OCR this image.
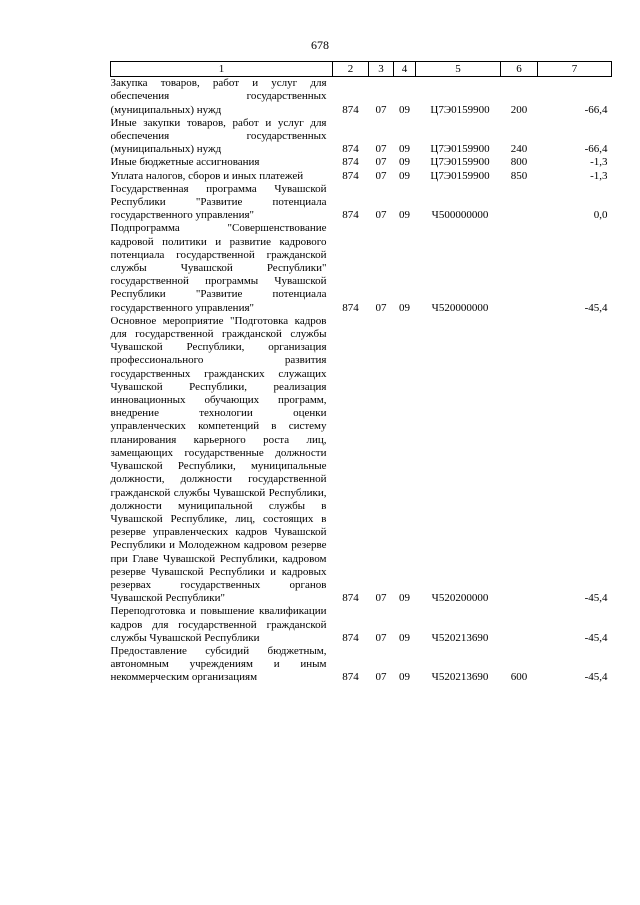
678
1	2	3	4	5	6	7
Закупка товаров, работ и услуг для обеспечения государственных (муниципальных) нужд	874	07	09	Ц7Э0159900	200	-66,4
Иные закупки товаров, работ и услуг для обеспечения государственных (муниципальных) нужд	874	07	09	Ц7Э0159900	240	-66,4
Иные бюджетные ассигнования	874	07	09	Ц7Э0159900	800	-1,3
Уплата налогов, сборов и иных платежей	874	07	09	Ц7Э0159900	850	-1,3
Государственная программа Чувашской Республики "Развитие потенциала государственного управления"	874	07	09	Ч500000000		0,0
Подпрограмма "Совершенствование кадровой политики и развитие кадрового потенциала государственной гражданской службы Чувашской Республики" государственной программы Чувашской Республики "Развитие потенциала государственного управления"	874	07	09	Ч520000000		-45,4
Основное мероприятие "Подготовка кадров для государственной гражданской службы Чувашской Республики, организация профессионального развития государственных гражданских служащих Чувашской Республики, реализация инновационных обучающих программ, внедрение технологии оценки управленческих компетенций в систему планирования карьерного роста лиц, замещающих государственные должности Чувашской Республики, муниципальные должности, должности государственной гражданской службы Чувашской Республики, должности муниципальной службы в Чувашской Республике, лиц, состоящих в резерве управленческих кадров Чувашской Республики и Молодежном кадровом резерве при Главе Чувашской Республики, кадровом резерве Чувашской Республики и кадровых резервах государственных органов Чувашской Республики"	874	07	09	Ч520200000		-45,4
Переподготовка и повышение квалификации кадров для государственной гражданской службы Чувашской Республики	874	07	09	Ч520213690		-45,4
Предоставление субсидий бюджетным, автономным учреждениям и иным некоммерческим организациям	874	07	09	Ч520213690	600	-45,4
